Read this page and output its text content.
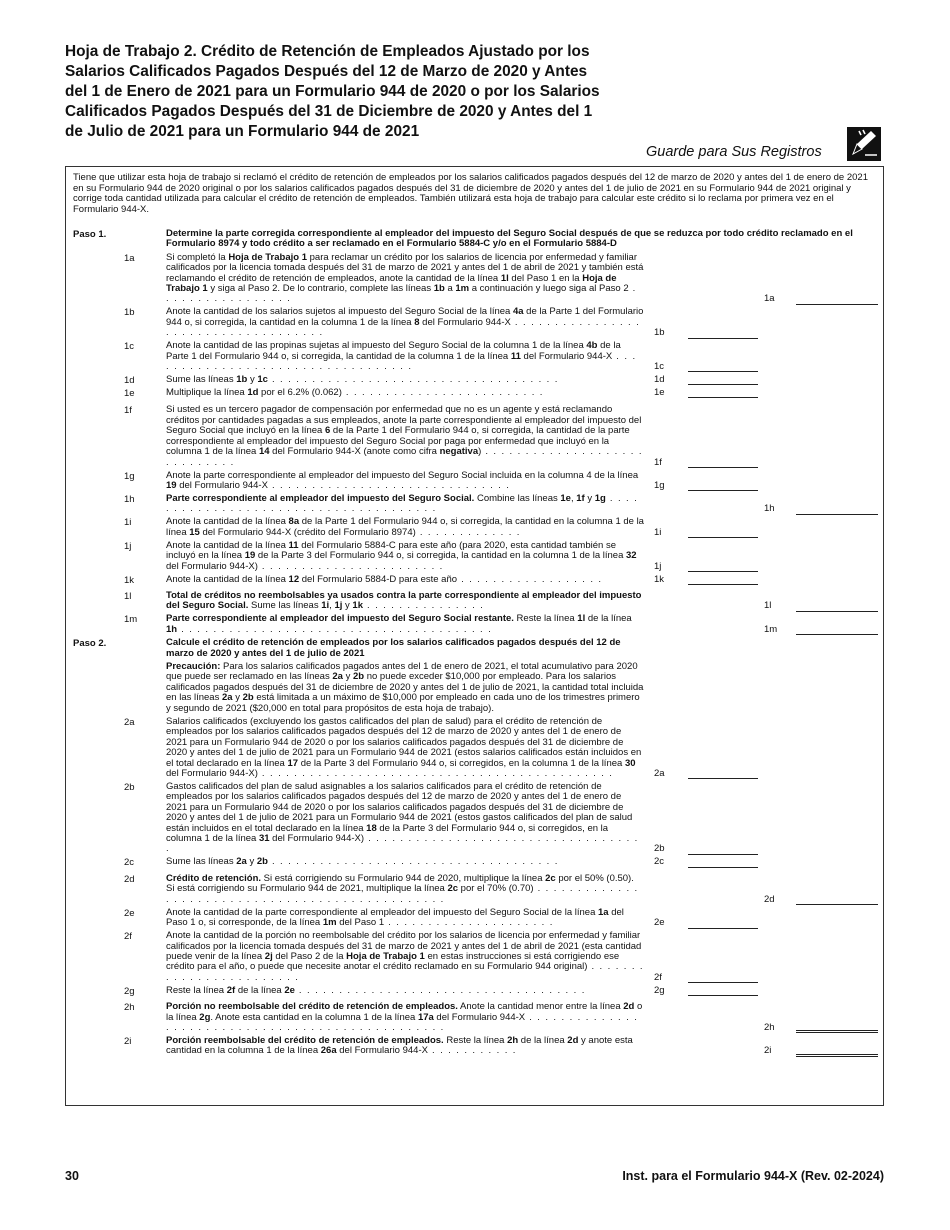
Hoja de Trabajo 2. Crédito de Retención de Empleados Ajustado por los Salarios Calificados Pagados Después del 12 de Marzo de 2020 y Antes del 1 de Enero de 2021 para un Formulario 944 de 2020 o por los Salarios Calificados Pagados Después del 31 de Diciembre de 2020 y Antes del 1 de Julio de 2021 para un Formulario 944 de 2021
Guarde para Sus Registros
Tiene que utilizar esta hoja de trabajo si reclamó el crédito de retención de empleados por los salarios calificados pagados después del 12 de marzo de 2020 y antes del 1 de enero de 2021 en su Formulario 944 de 2020 original o por los salarios calificados pagados después del 31 de diciembre de 2020 y antes del 1 de julio de 2021 en su Formulario 944 de 2021 original y corrige toda cantidad utilizada para calcular el crédito de retención de empleados. También utilizará esta hoja de trabajo para calcular este crédito si lo reclama por primera vez en el Formulario 944-X.
Paso 1.	Determine la parte corregida correspondiente al empleador del impuesto del Seguro Social después de que se reduzca por todo crédito reclamado en el Formulario 8974 y todo crédito a ser reclamado en el Formulario 5884-C y/o en el Formulario 5884-D
1a	Si completó la Hoja de Trabajo 1 para reclamar un crédito por los salarios de licencia por enfermedad y familiar calificados por la licencia tomada después del 31 de marzo de 2021 y antes del 1 de abril de 2021 y también está reclamando el crédito de retención de empleados, anote la cantidad de la línea 1l del Paso 1 en la Hoja de Trabajo 1 y siga al Paso 2. De lo contrario, complete las líneas 1b a 1m a continuación y luego siga al Paso 2 . . . . . . . . . . . . . . . . .	1a
1b	Anote la cantidad de los salarios sujetos al impuesto del Seguro Social de la línea 4a de la Parte 1 del Formulario 944 o, si corregida, la cantidad en la columna 1 de la línea 8 del Formulario 944-X . . . . . . . . . . . . . . . . . . . . . . . . . . . . . . . . . . . .	1b
1c	Anote la cantidad de las propinas sujetas al impuesto del Seguro Social de la columna 1 de la línea 4b de la Parte 1 del Formulario 944 o, si corregida, la cantidad de la columna 1 de la línea 11 del Formulario 944-X . . . . . . . . . . . . . . . . . . . . . . . . . . . . . . . . . .	1c
1d	Sume las líneas 1b y 1c . . . . . . . . . . . . . . . . . . . . . . . . . . . . . . . . . . . .	1d
1e	Multiplique la línea 1d por el 6.2% (0.062) . . . . . . . . . . . . . . . . . . . . . . . . .	1e
1f	Si usted es un tercero pagador de compensación por enfermedad que no es un agente y está reclamando créditos por cantidades pagadas a sus empleados, anote la parte correspondiente al empleador del impuesto del Seguro Social que incluyó en la línea 6 de la Parte 1 del Formulario 944 o, si corregida, la cantidad de la parte correspondiente al empleador del impuesto del Seguro Social por paga por enfermedad que incluyó en la columna 1 de la línea 14 del Formulario 944-X (anote como cifra negativa) . . . . . . . . . . . . . . . . . . . . . . . . . . . . .	1f
1g	Anote la parte correspondiente al empleador del impuesto del Seguro Social incluida en la columna 4 de la línea 19 del Formulario 944-X . . . . . . . . . . . . . . . . . . . . . . . . . . . . . .	1g
1h	Parte correspondiente al empleador del impuesto del Seguro Social. Combine las líneas 1e, 1f y 1g . . . . . . . . . . . . . . . . . . . . . . . . . . . . . . . . . . . . . .	1h
1i	Anote la cantidad de la línea 8a de la Parte 1 del Formulario 944 o, si corregida, la cantidad en la columna 1 de la línea 15 del Formulario 944-X (crédito del Formulario 8974) . . . . . . . . . . . . .	1i
1j	Anote la cantidad de la línea 11 del Formulario 5884-C para este año (para 2020, esta cantidad también se incluyó en la línea 19 de la Parte 3 del Formulario 944 o, si corregida, la cantidad en la columna 1 de la línea 32 del Formulario 944-X) . . . . . . . . . . . . . . . . . . . . . . .	1j
1k	Anote la cantidad de la línea 12 del Formulario 5884-D para este año . . . . . . . . . . . . . . . . . .	1k
1l	Total de créditos no reembolsables ya usados contra la parte correspondiente al empleador del impuesto del Seguro Social. Sume las líneas 1i, 1j y 1k . . . . . . . . . . . . . . .	1l
1m	Parte correspondiente al empleador del impuesto del Seguro Social restante. Reste la línea 1l de la línea 1h . . . . . . . . . . . . . . . . . . . . . . . . . . . . . . . . . . . . . . .	1m
Paso 2.	Calcule el crédito de retención de empleados por los salarios calificados pagados después del 12 de marzo de 2020 y antes del 1 de julio de 2021
Precaución: Para los salarios calificados pagados antes del 1 de enero de 2021, el total acumulativo para 2020 que puede ser reclamado en las líneas 2a y 2b no puede exceder $10,000 por empleado. Para los salarios calificados pagados después del 31 de diciembre de 2020 y antes del 1 de julio de 2021, la cantidad total incluida en las líneas 2a y 2b está limitada a un máximo de $10,000 por empleado en cada uno de los trimestres primero y segundo de 2021 ($20,000 en total para propósitos de esta hoja de trabajo).
2a	Salarios calificados (excluyendo los gastos calificados del plan de salud) para el crédito de retención de empleados por los salarios calificados pagados después del 12 de marzo de 2020 y antes del 1 de enero de 2021 para un Formulario 944 de 2020 o por los salarios calificados pagados después del 31 de diciembre de 2020 y antes del 1 de julio de 2021 para un Formulario 944 de 2021 (estos salarios calificados están incluidos en el total declarado en la línea 17 de la Parte 3 del Formulario 944 o, si corregidos, en la columna 1 de la línea 30 del Formulario 944-X) . . . . . . . . . . . . . . . . . . . . . . . . . . . . . . . . . . . . . . . . . . . .	2a
2b	Gastos calificados del plan de salud asignables a los salarios calificados para el crédito de retención de empleados por los salarios calificados pagados después del 12 de marzo de 2020 y antes del 1 de enero de 2021 para un Formulario 944 de 2020 o por los salarios calificados pagados después del 31 de diciembre de 2020 y antes del 1 de julio de 2021 para un Formulario 944 de 2021 (estos gastos calificados del plan de salud están incluidos en el total declarado en la línea 18 de la Parte 3 del Formulario 944 o, si corregidos, en la columna 1 de la línea 31 del Formulario 944-X) . . . . . . . . . . . . . . . . . . . . . . . . . . . . . . . . . . .	2b
2c	Sume las líneas 2a y 2b . . . . . . . . . . . . . . . . . . . . . . . . . . . . . . . . . . . .	2c
2d	Crédito de retención. Si está corrigiendo su Formulario 944 de 2020, multiplique la línea 2c por el 50% (0.50). Si está corrigiendo su Formulario 944 de 2021, multiplique la línea 2c por el 70% (0.70) . . . . . . . . . . . . . . . . . . . . . . . . . . . . . . . . . . . . . . . . . . . . . . . .	2d
2e	Anote la cantidad de la parte correspondiente al empleador del impuesto del Seguro Social de la línea 1a del Paso 1 o, si corresponde, de la línea 1m del Paso 1 . . . . . . . . . . . . . . . . . . . . .	2e
2f	Anote la cantidad de la porción no reembolsable del crédito por los salarios de licencia por enfermedad y familiar calificados por la licencia tomada después del 31 de marzo de 2021 y antes del 1 de abril de 2021 (esta cantidad puede venir de la línea 2j del Paso 2 de la Hoja de Trabajo 1 en estas instrucciones si está corrigiendo ese crédito para el año, o puede que necesite anotar el crédito reclamado en su Formulario 944 original) . . . . . . . . . . . . . . . . . . . . . . . .	2f
2g	Reste la línea 2f de la línea 2e . . . . . . . . . . . . . . . . . . . . . . . . . . . . . . . . . . . .	2g
2h	Porción no reembolsable del crédito de retención de empleados. Anote la cantidad menor entre la línea 2d o la línea 2g. Anote esta cantidad en la columna 1 de la línea 17a del Formulario 944-X . . . . . . . . . . . . . . . . . . . . . . . . . . . . . . . . . . . . . . . . . . . . . . . . .	2h
2i	Porción reembolsable del crédito de retención de empleados. Reste la línea 2h de la línea 2d y anote esta cantidad en la columna 1 de la línea 26a del Formulario 944-X . . . . . . . . . . .	2i
30	Inst. para el Formulario 944-X (Rev. 02-2024)
